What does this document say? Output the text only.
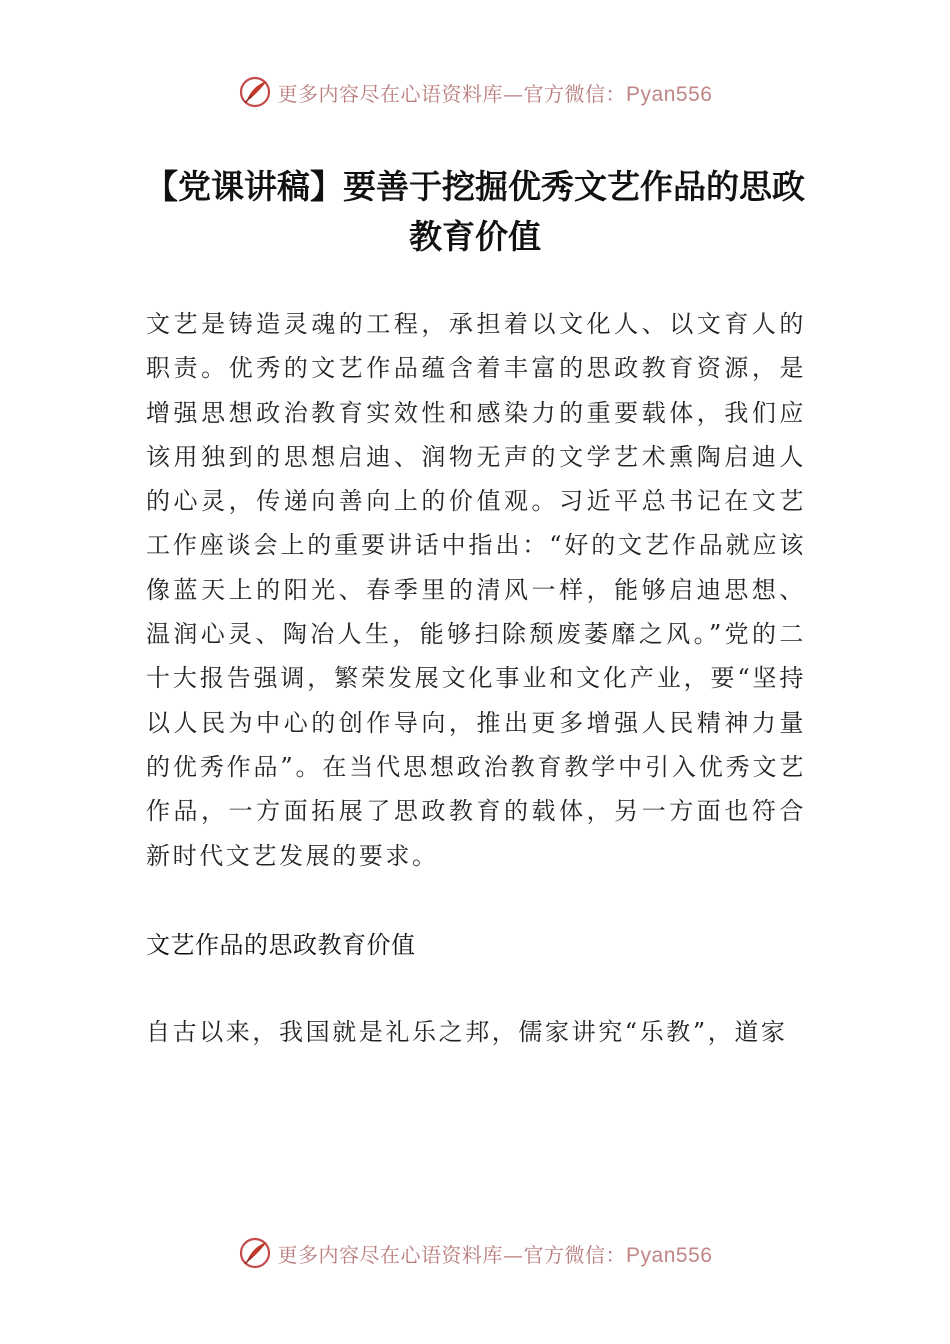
更多内容尽在心语资料库—官方微信：Pyan556
【党课讲稿】要善于挖掘优秀文艺作品的思政教育价值

文艺是铸造灵魂的工程，承担着以文化人、以文育人的职责。优秀的文艺作品蕴含着丰富的思政教育资源，是增强思想政治教育实效性和感染力的重要载体，我们应该用独到的思想启迪、润物无声的文学艺术熏陶启迪人的心灵，传递向善向上的价值观。习近平总书记在文艺工作座谈会上的重要讲话中指出：“好的文艺作品就应该像蓝天上的阳光、春季里的清风一样，能够启迪思想、温润心灵、陶冶人生，能够扫除颓废萎靡之风。”党的二十大报告强调，繁荣发展文化事业和文化产业，要“坚持以人民为中心的创作导向，推出更多增强人民精神力量的优秀作品”。在当代思想政治教育教学中引入优秀文艺作品，一方面拓展了思政教育的载体，另一方面也符合新时代文艺发展的要求。

文艺作品的思政教育价值

自古以来，我国就是礼乐之邦，儒家讲究“乐教”，道家

更多内容尽在心语资料库—官方微信：Pyan556
